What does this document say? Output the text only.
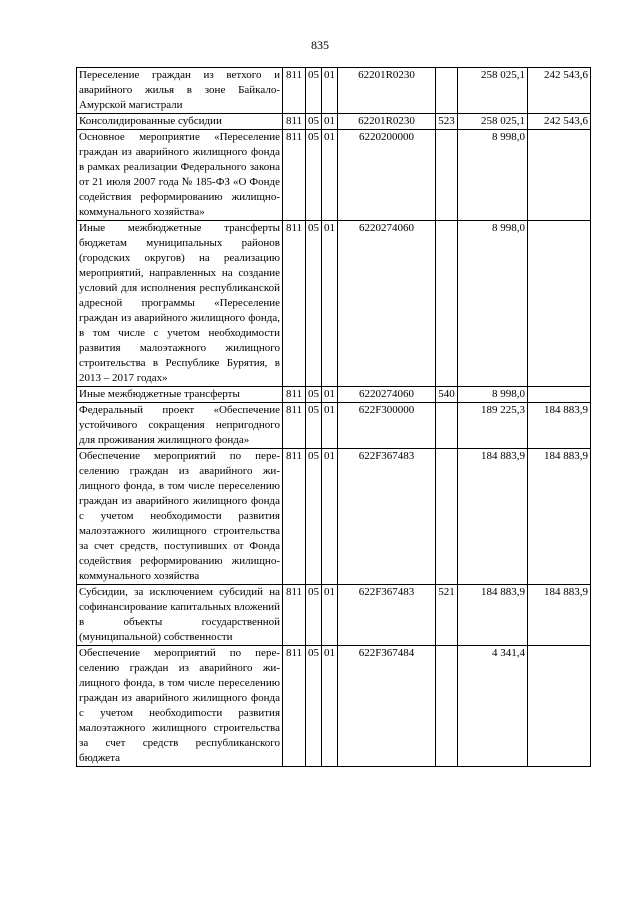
835
Переселение граждан из ветхого и аварийного жилья в зоне Байкало-Амурской магистрали	811	05	01	62201R0230		258 025,1	242 543,6
Консолидированные субсидии	811	05	01	62201R0230	523	258 025,1	242 543,6
Основное мероприятие «Переселение граждан из аварийного жилищного фонда в рамках реализации Федерального закона от 21 июля 2007 года № 185-ФЗ «О Фонде содействия реформированию жилищно-коммунального хозяйства»	811	05	01	6220200000		8 998,0	
Иные межбюджетные трансферты бюджетам муниципальных районов (городских округов) на реализацию мероприятий, направленных на создание условий для исполнения республиканской адресной программы «Переселение граждан из аварийного жилищного фонда, в том числе с учетом необходимости развития малоэтажного жилищного строительства в Республике Бурятия, в 2013 – 2017 годах»	811	05	01	6220274060		8 998,0	
Иные межбюджетные трансферты	811	05	01	6220274060	540	8 998,0	
Федеральный проект «Обеспечение устойчивого сокращения непригодного для проживания жилищного фонда»	811	05	01	622F300000		189 225,3	184 883,9
Обеспечение мероприятий по переселению граждан из аварийного жилищного фонда, в том числе переселению граждан из аварийного жилищного фонда с учетом необходимости развития малоэтажного жилищного строительства за счет средств, поступивших от Фонда содействия реформированию жилищно-коммунального хозяйства	811	05	01	622F367483		184 883,9	184 883,9
Субсидии, за исключением субсидий на софинансирование капитальных вложений в объекты государственной (муниципальной) собственности	811	05	01	622F367483	521	184 883,9	184 883,9
Обеспечение мероприятий по переселению граждан из аварийного жилищного фонда, в том числе переселению граждан из аварийного жилищного фонда с учетом необходиmости развития малоэтажного жилищного строительства за счет средств республиканского бюджета	811	05	01	622F367484		4 341,4	
